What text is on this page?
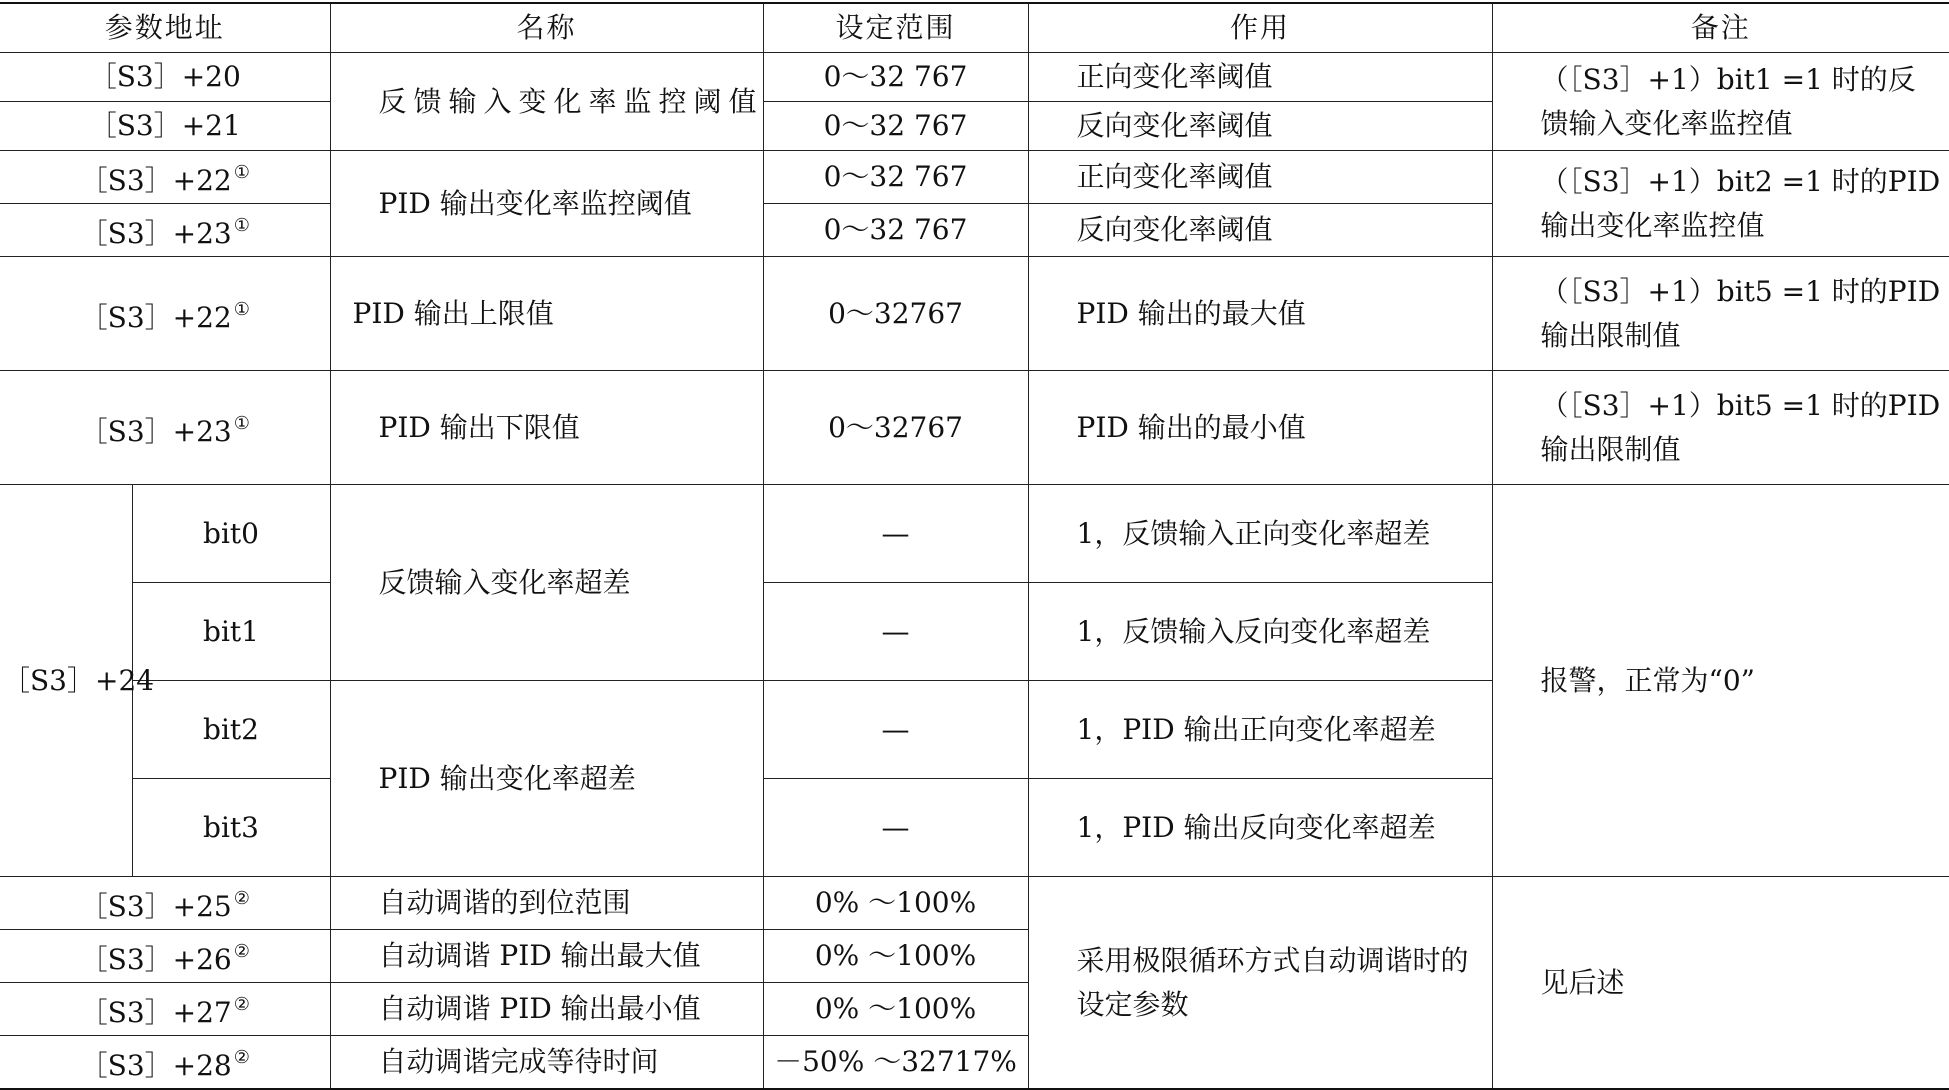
参数地址		名称	设定范围	作用	备注
［S3］+20		反馈输入变化率监控阈值	0～32 767	正向变化率阈值	（［S3］+1）bit1 =1 时的反馈输入变化率监控值
［S3］+21			0～32 767	反向变化率阈值	
［S3］+22 ①		PID 输出变化率监控阈值	0～32 767	正向变化率阈值	（［S3］+1）bit2 =1 时的PID 输出变化率监控值
［S3］+23 ①			0～32 767	反向变化率阈值	
［S3］+22 ①		PID 输出上限值	0～32767	PID 输出的最大值	（［S3］+1）bit5 =1 时的PID 输出限制值
［S3］+23 ①		PID 输出下限值	0～32767	PID 输出的最小值	（［S3］+1）bit5 =1 时的PID 输出限制值
［S3］+24	bit0	反馈输入变化率超差	—	1，反馈输入正向变化率超差	报警，正常为“0”
	bit1		—	1，反馈输入反向变化率超差	
	bit2	PID 输出变化率超差	—	1，PID 输出正向变化率超差	
	bit3		—	1，PID 输出反向变化率超差	
［S3］+25 ②		自动调谐的到位范围	0% ～100%	采用极限循环方式自动调谐时的设定参数	见后述
［S3］+26 ②		自动调谐 PID 输出最大值	0% ～100%		
［S3］+27 ②		自动调谐 PID 输出最小值	0% ～100%		
［S3］+28 ②		自动调谐完成等待时间	－50% ～32717%		
